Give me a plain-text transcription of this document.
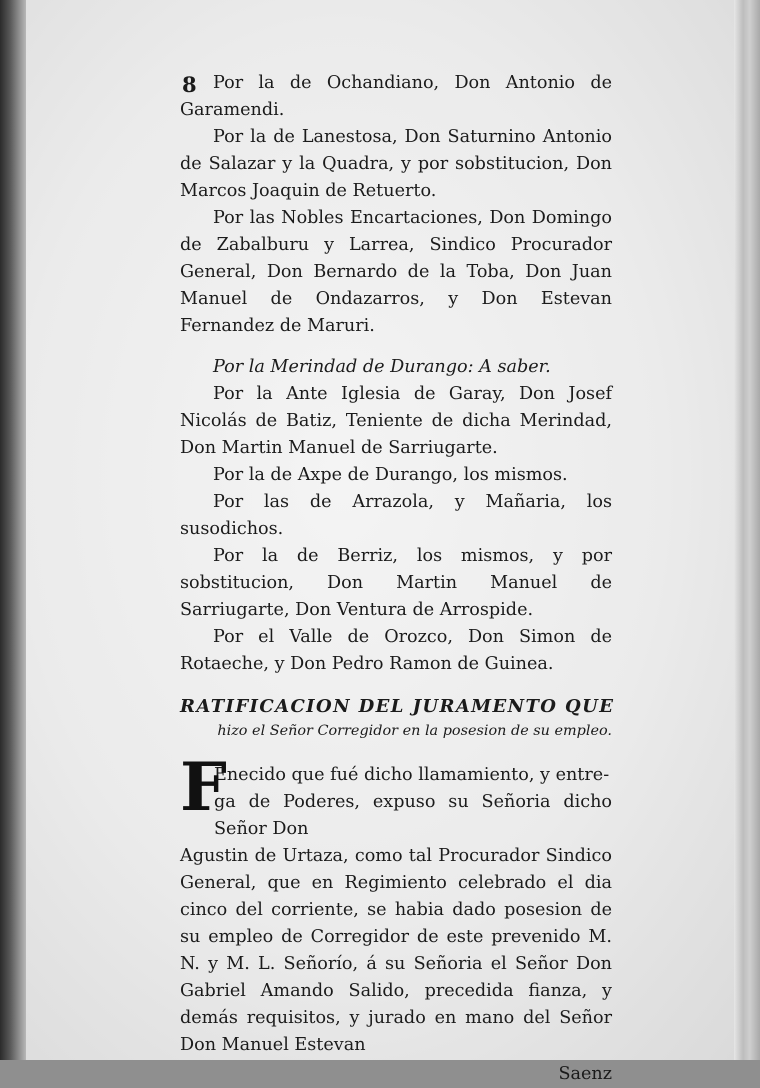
8 Por la de Ochandiano, Don Antonio de Garamendi.

Por la de Lanestosa, Don Saturnino Antonio de Salazar y la Quadra, y por sobstitucion, Don Marcos Joaquin de Retuerto.

Por las Nobles Encartaciones, Don Domingo de Zabalburu y Larrea, Sindico Procurador General, Don Bernardo de la Toba, Don Juan Manuel de Ondazarros, y Don Estevan Fernandez de Maruri.

Por la Merindad de Durango: A saber.

Por la Ante Iglesia de Garay, Don Josef Nicolás de Batiz, Teniente de dicha Merindad, Don Martin Manuel de Sarriugarte.

Por la de Axpe de Durango, los mismos.

Por las de Arrazola, y Mañaria, los susodichos.

Por la de Berriz, los mismos, y por sobstitucion, Don Martin Manuel de Sarriugarte, Don Ventura de Arrospide.

Por el Valle de Orozco, Don Simon de Rotaeche, y Don Pedro Ramon de Guinea.

RATIFICACION DEL JURAMENTO QUE
hizo el Señor Corregidor en la posesion de su empleo.
F
Enecido que fué dicho llamamiento, y entre-
ga de Poderes, expuso su Señoria dicho Señor Don
Agustin de Urtaza, como tal Procurador Sindico General, que en Regimiento celebrado el dia cinco del corriente, se habia dado posesion de su empleo de Corregidor de este prevenido M. N. y M. L. Señorío, á su Señoria el Señor Don Gabriel Amando Salido, precedida fianza, y demás requisitos, y jurado en mano del Señor Don Manuel Estevan
Saenz
